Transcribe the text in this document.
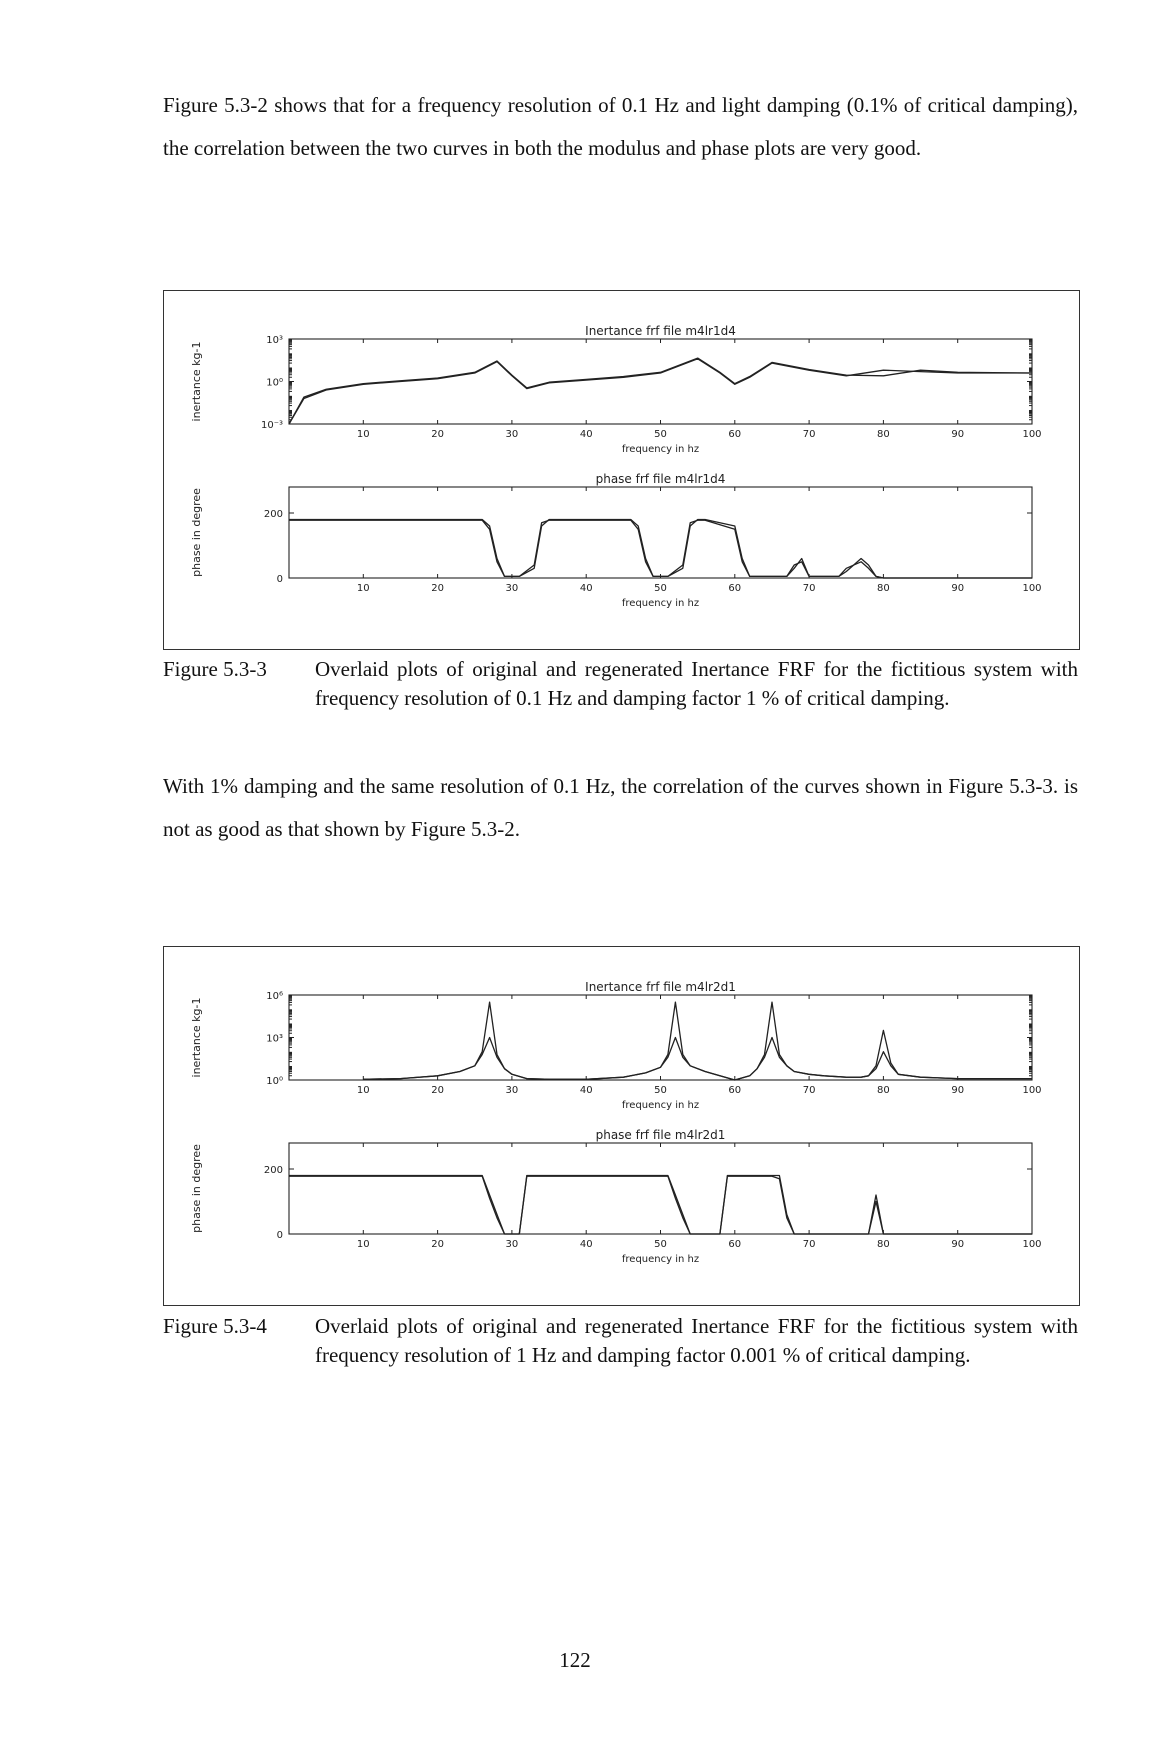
Figure 5.3-2 shows that for a frequency resolution of 0.1 Hz and light damping (0.1% of critical damping), the correlation between the two curves in both the modulus and phase plots are very good.

10	20	30	40	50	60	70	80	90	100
10³
10⁰
10⁻³
Inertance frf file m4lr1d4
frequency in hz
inertance kg-1
10	20	30	40	50	60	70	80	90	100
200
0
phase frf file m4lr1d4
frequency in hz
phase in degree
Figure 5.3-3	Overlaid plots of original and regenerated Inertance FRF for the fictitious system with frequency resolution of 0.1 Hz and damping factor 1 % of critical damping.

With 1% damping and the same resolution of 0.1 Hz, the correlation of the curves shown in Figure 5.3-3. is not as good as that shown by Figure 5.3-2.

10	20	30	40	50	60	70	80	90	100
10⁶
10³
10⁰
Inertance frf file m4lr2d1
frequency in hz
inertance kg-1
10	20	30	40	50	60	70	80	90	100
200
0
phase frf file m4lr2d1
frequency in hz
phase in degree
Figure 5.3-4	Overlaid plots of original and regenerated Inertance FRF for the fictitious system with frequency resolution of 1 Hz and damping factor 0.001 % of critical damping.
122
